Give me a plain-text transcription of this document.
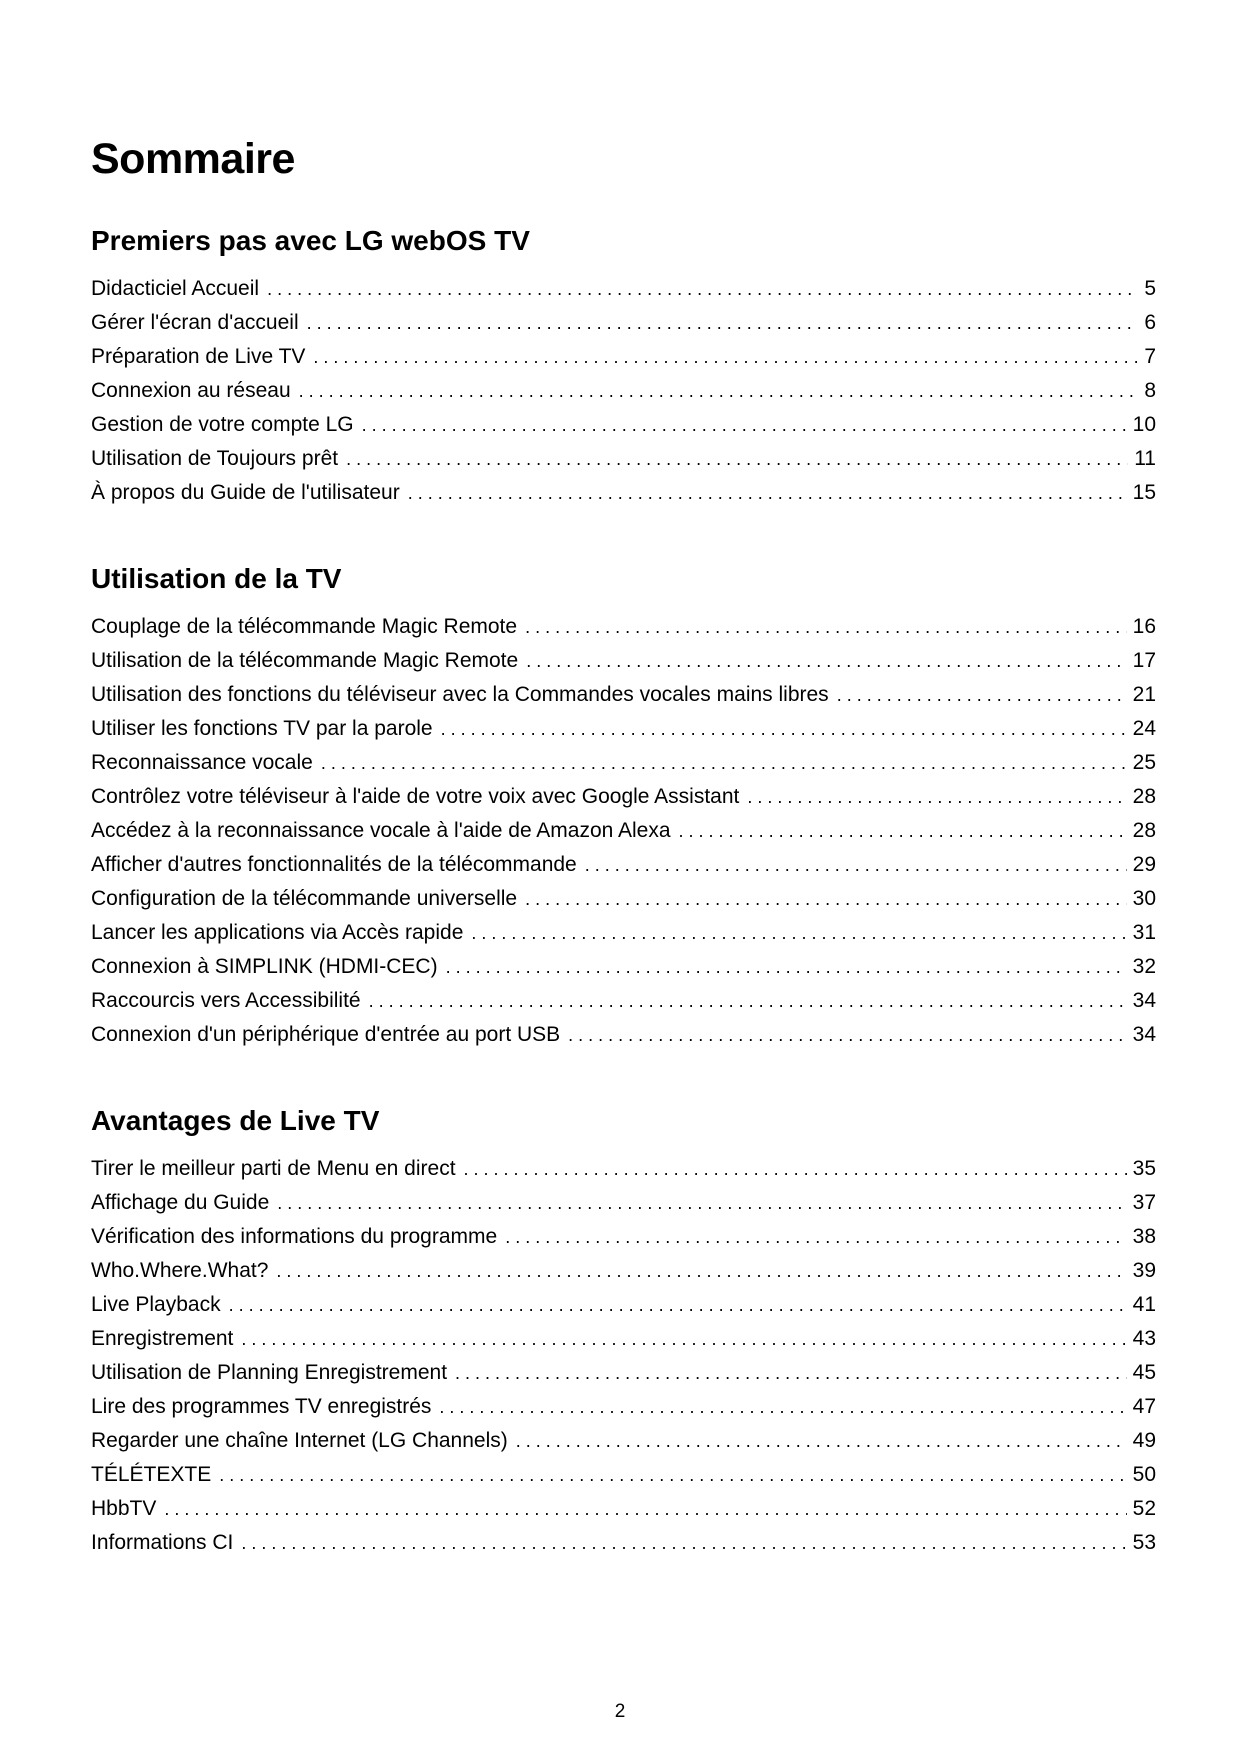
Sommaire
Premiers pas avec LG webOS TV
Didacticiel Accueil . . .	5
Gérer l'écran d'accueil . . .	6
Préparation de Live TV . . .	7
Connexion au réseau . . .	8
Gestion de votre compte LG . . .	10
Utilisation de Toujours prêt . . .	11
À propos du Guide de l'utilisateur . . .	15
Utilisation de la TV
Couplage de la télécommande Magic Remote . . .	16
Utilisation de la télécommande Magic Remote . . .	17
Utilisation des fonctions du téléviseur avec la Commandes vocales mains libres . . .	21
Utiliser les fonctions TV par la parole . . .	24
Reconnaissance vocale . . .	25
Contrôlez votre téléviseur à l'aide de votre voix avec Google Assistant . . .	28
Accédez à la reconnaissance vocale à l'aide de Amazon Alexa . . .	28
Afficher d'autres fonctionnalités de la télécommande . . .	29
Configuration de la télécommande universelle . . .	30
Lancer les applications via Accès rapide . . .	31
Connexion à SIMPLINK (HDMI-CEC) . . .	32
Raccourcis vers Accessibilité . . .	34
Connexion d'un périphérique d'entrée au port USB . . .	34
Avantages de Live TV
Tirer le meilleur parti de Menu en direct . . .	35
Affichage du Guide . . .	37
Vérification des informations du programme . . .	38
Who.Where.What? . . .	39
Live Playback . . .	41
Enregistrement . . .	43
Utilisation de Planning Enregistrement . . .	45
Lire des programmes TV enregistrés . . .	47
Regarder une chaîne Internet (LG Channels) . . .	49
TÉLÉTEXTE . . .	50
HbbTV . . .	52
Informations CI . . .	53
2
